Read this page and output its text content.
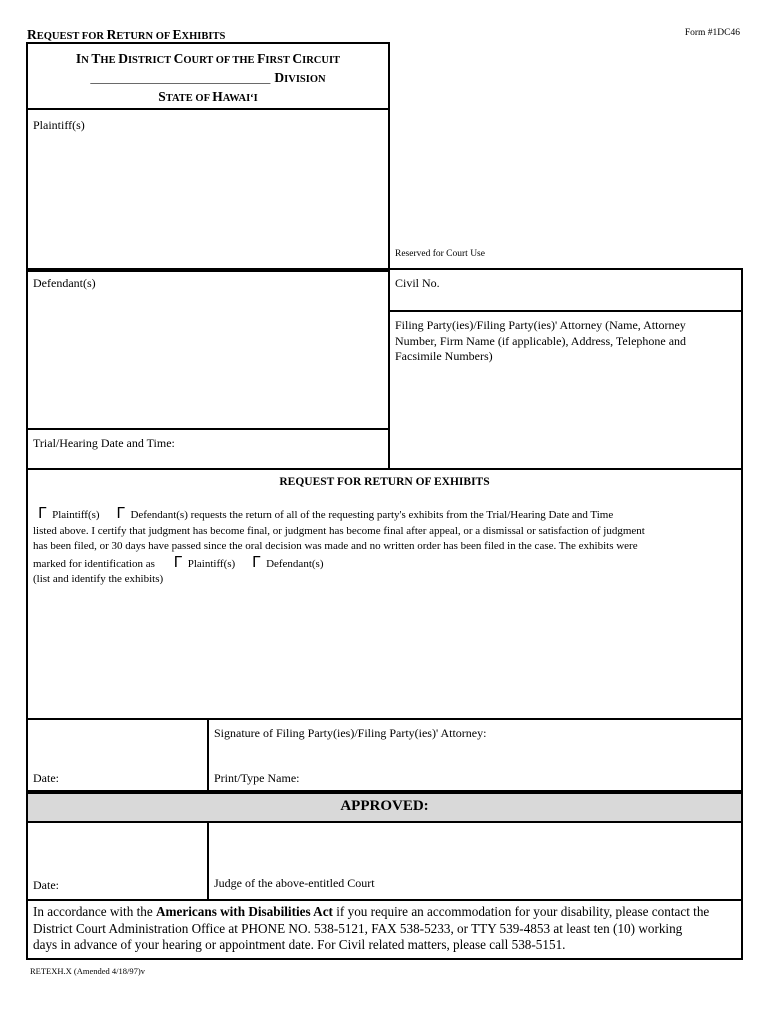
REQUEST FOR RETURN OF EXHIBITS	Form #1DC46
IN THE DISTRICT COURT OF THE FIRST CIRCUIT
______________________________ DIVISION
STATE OF HAWAI‘I
Plaintiff(s)
Reserved for Court Use
Defendant(s)	Civil No.
Filing Party(ies)/Filing Party(ies)' Attorney (Name, Attorney
Number, Firm Name (if applicable), Address, Telephone and
Facsimile Numbers)
Trial/Hearing Date and Time:
REQUEST FOR RETURN OF EXHIBITS
Γ Plaintiff(s) Γ Defendant(s) requests the return of all of the requesting party's exhibits from the Trial/Hearing Date and Time
listed above. I certify that judgment has become final, or judgment has become final after appeal, or a dismissal or satisfaction of judgment
has been filed, or 30 days have passed since the oral decision was made and no written order has been filed in the case. The exhibits were
marked for identification as Γ Plaintiff(s) Γ Defendant(s)
(list and identify the exhibits)
Date:
Signature of Filing Party(ies)/Filing Party(ies)' Attorney:
Print/Type Name:
APPROVED:
Date:	Judge of the above-entitled Court
In accordance with the Americans with Disabilities Act if you require an accommodation for your disability, please contact the
District Court Administration Office at PHONE NO. 538-5121, FAX 538-5233, or TTY 539-4853 at least ten (10) working
days in advance of your hearing or appointment date. For Civil related matters, please call 538-5151.
RETEXH.X (Amended 4/18/97)v
